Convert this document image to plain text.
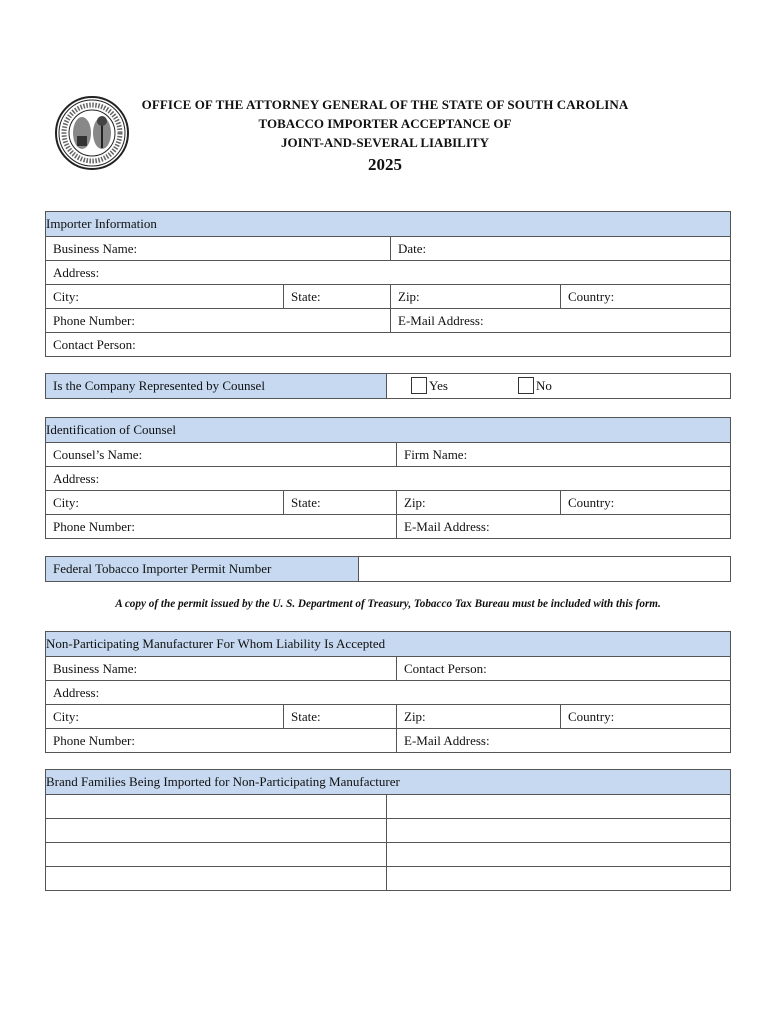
OFFICE OF THE ATTORNEY GENERAL OF THE STATE OF SOUTH CAROLINA
TOBACCO IMPORTER ACCEPTANCE OF
JOINT-AND-SEVERAL LIABILITY
2025
Importer Information
Business Name:	Date:
Address:
City:	State:	Zip:	Country:
Phone Number:	E-Mail Address:
Contact Person:
Is the Company Represented by Counsel	Yes	No
Identification of Counsel
Counsel’s Name:	Firm Name:
Address:
City:	State:	Zip:	Country:
Phone Number:	E-Mail Address:
Federal Tobacco Importer Permit Number
A copy of the permit issued by the U. S. Department of Treasury, Tobacco Tax Bureau must be included with this form.
Non-Participating Manufacturer For Whom Liability Is Accepted
Business Name:	Contact Person:
Address:
City:	State:	Zip:	Country:
Phone Number:	E-Mail Address:
Brand Families Being Imported for Non-Participating Manufacturer
